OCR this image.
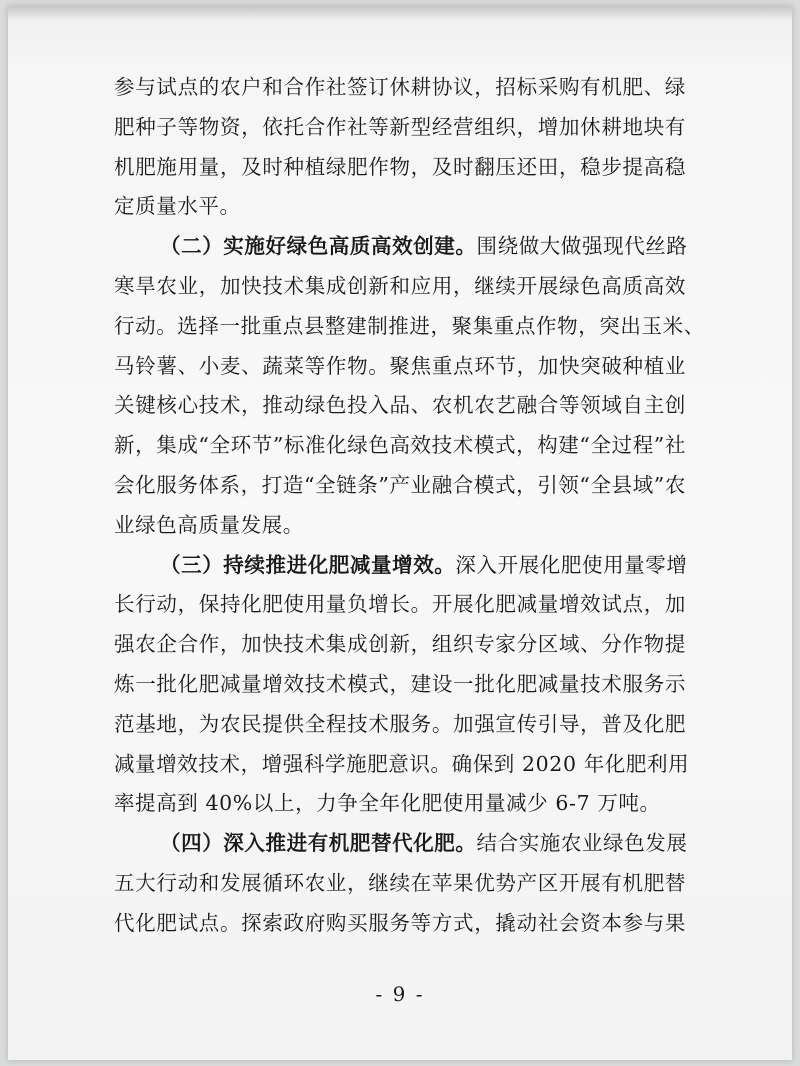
参与试点的农户和合作社签订休耕协议，招标采购有机肥、绿
肥种子等物资，依托合作社等新型经营组织，增加休耕地块有
机肥施用量，及时种植绿肥作物，及时翻压还田，稳步提高稳
定质量水平。
（二）实施好绿色高质高效创建。围绕做大做强现代丝路
寒旱农业，加快技术集成创新和应用，继续开展绿色高质高效
行动。选择一批重点县整建制推进，聚集重点作物，突出玉米、
马铃薯、小麦、蔬菜等作物。聚焦重点环节，加快突破种植业
关键核心技术，推动绿色投入品、农机农艺融合等领域自主创
新，集成“全环节”标准化绿色高效技术模式，构建“全过程”社
会化服务体系，打造“全链条”产业融合模式，引领“全县域”农
业绿色高质量发展。
（三）持续推进化肥减量增效。深入开展化肥使用量零增
长行动，保持化肥使用量负增长。开展化肥减量增效试点，加
强农企合作，加快技术集成创新，组织专家分区域、分作物提
炼一批化肥减量增效技术模式，建设一批化肥减量技术服务示
范基地，为农民提供全程技术服务。加强宣传引导，普及化肥
减量增效技术，增强科学施肥意识。确保到 2020 年化肥利用
率提高到 40%以上，力争全年化肥使用量减少 6-7 万吨。
（四）深入推进有机肥替代化肥。结合实施农业绿色发展
五大行动和发展循环农业，继续在苹果优势产区开展有机肥替
代化肥试点。探索政府购买服务等方式，撬动社会资本参与果
- 9 -
